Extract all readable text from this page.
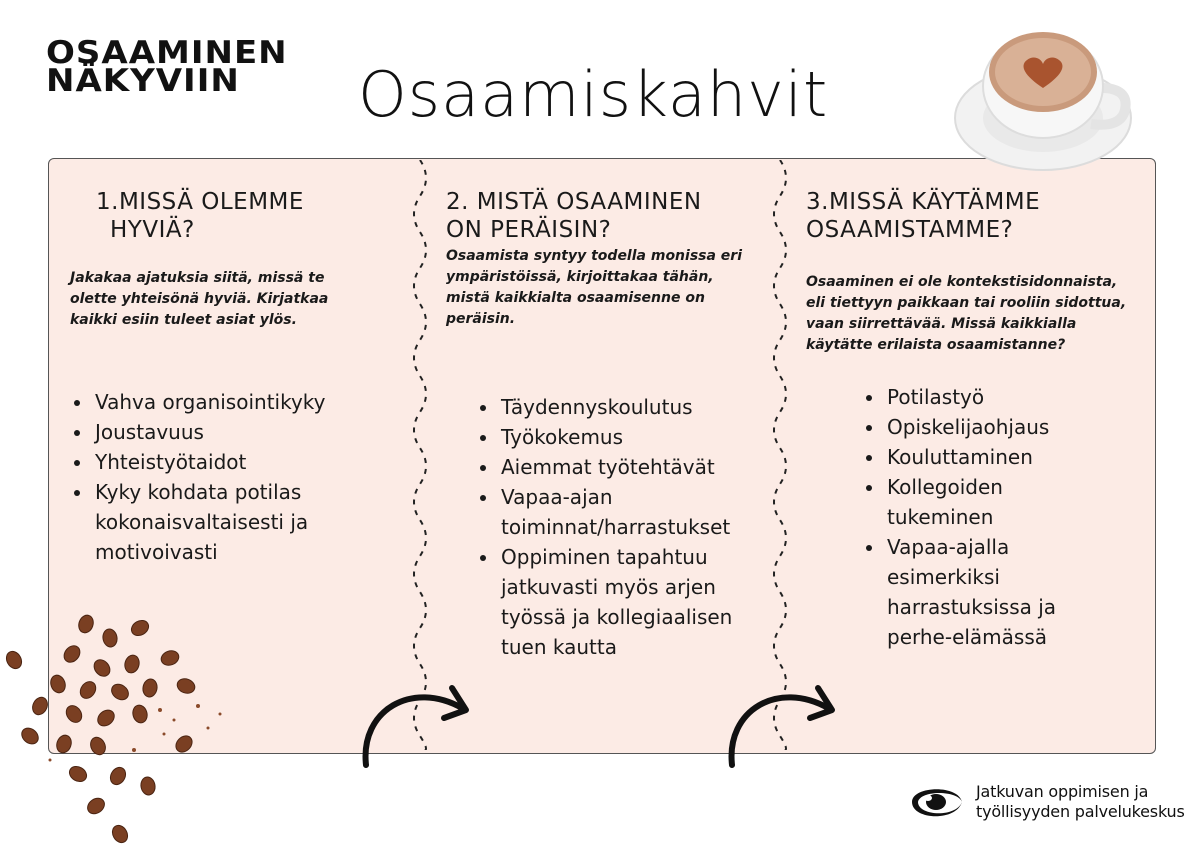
OSAAMINEN
NÄKYVIIN	Osaamiskahvit
1.MISSÄ OLEMME
HYVIÄ?

Jakakaa ajatuksia siitä, missä te olette yhteisönä hyviä. Kirjatkaa kaikki esiin tuleet asiat ylös.

Vahva organisointikyky
Joustavuus
Yhteistyötaidot
Kyky kohdata potilas kokonaisvaltaisesti ja motivoivasti
2. MISTÄ OSAAMINEN
ON PERÄISIN?

Osaamista syntyy todella monissa eri ympäristöissä, kirjoittakaa tähän, mistä kaikkialta osaamisenne on peräisin.

Täydennyskoulutus
Työkokemus
Aiemmat työtehtävät
Vapaa-ajan toiminnat/harrastukset
Oppiminen tapahtuu jatkuvasti myös arjen työssä ja kollegiaalisen tuen kautta
3.MISSÄ KÄYTÄMME
OSAAMISTAMME?

Osaaminen ei ole kontekstisidonnaista, eli tiettyyn paikkaan tai rooliin sidottua, vaan siirrettävää. Missä kaikkialla käytätte erilaista osaamistanne?

Potilastyö
Opiskelijaohjaus
Kouluttaminen
Kollegoiden tukeminen
Vapaa-ajalla esimerkiksi harrastuksissa ja perhe-elämässä
Jatkuvan oppimisen ja
työllisyyden palvelukeskus
